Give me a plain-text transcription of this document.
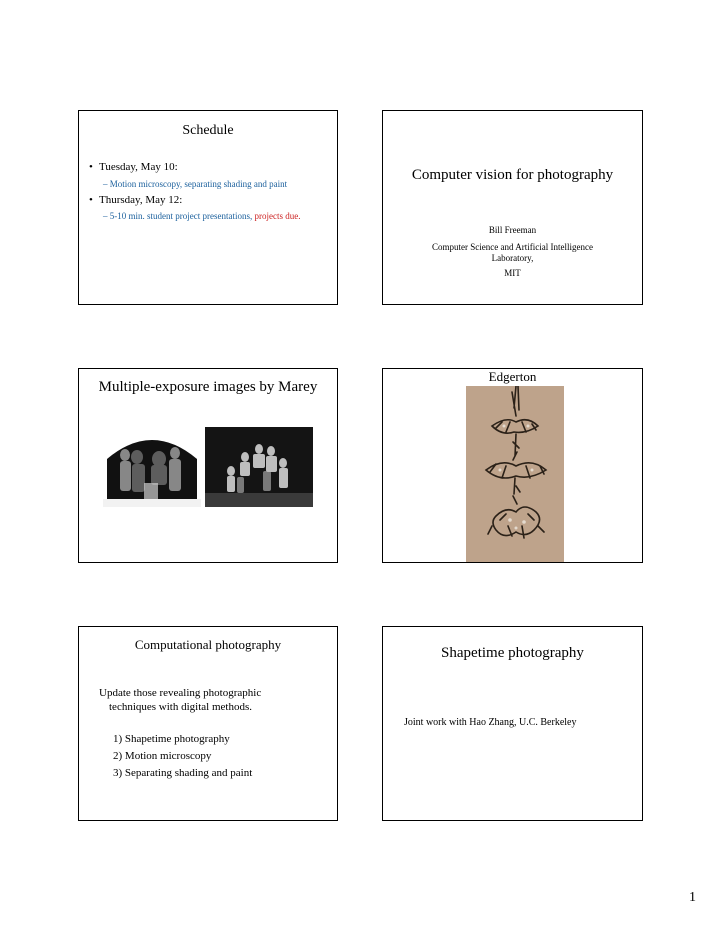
Schedule
• Tuesday, May 10:
– Motion microscopy, separating shading and paint
• Thursday, May 12:
– 5-10 min. student project presentations, projects due.
Computer vision for photography
Bill Freeman
Computer Science and Artificial Intelligence
Laboratory,
MIT
Multiple-exposure images by Marey
Edgerton
Computational photography
Update those revealing photographic
techniques with digital methods.
1) Shapetime photography
2) Motion microscopy
3) Separating shading and paint
Shapetime photography
Joint work with Hao Zhang, U.C. Berkeley
1
